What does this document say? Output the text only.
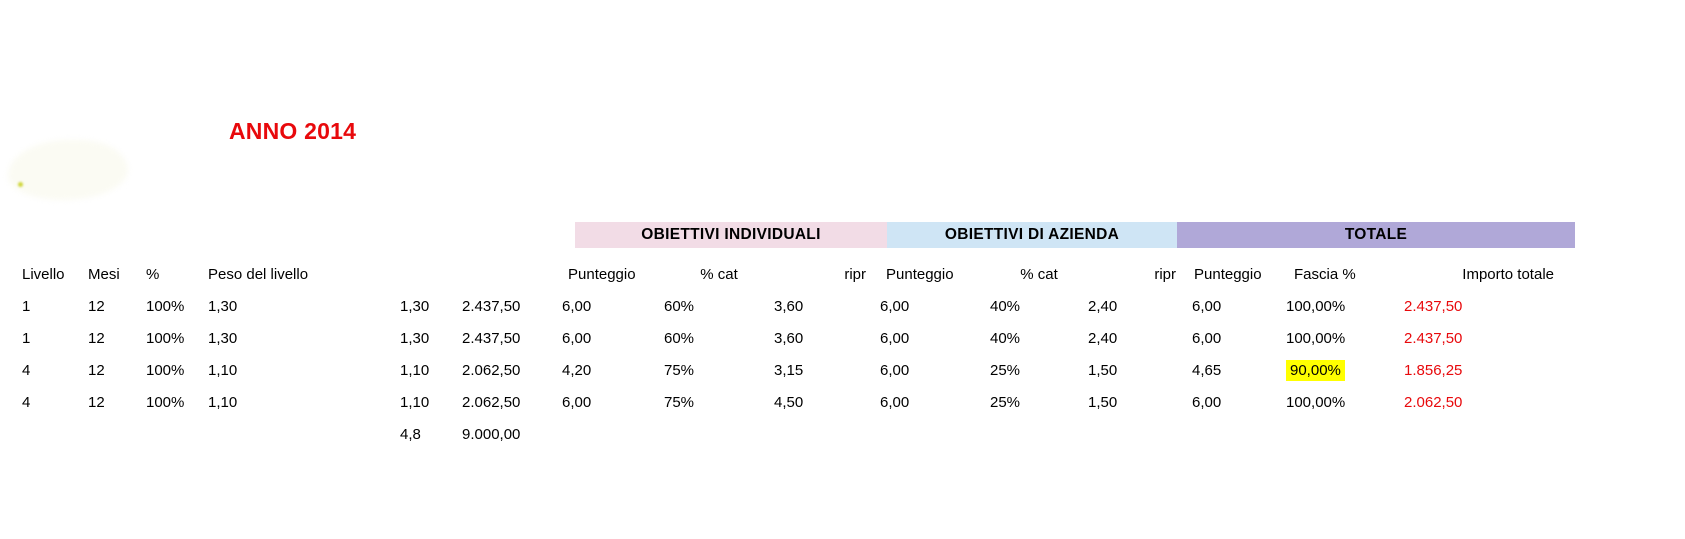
ANNO 2014
OBIETTIVI INDIVIDUALI	OBIETTIVI DI AZIENDA	TOTALE
Livello	Mesi	%	Peso del livello			Punteggio	% cat	ripr	Punteggio	% cat	ripr	Punteggio	Fascia %	Importo totale
1	12	100%	1,30	1,30	2.437,50	6,00	60%	3,60	6,00	40%	2,40	6,00	100,00%	2.437,50
1	12	100%	1,30	1,30	2.437,50	6,00	60%	3,60	6,00	40%	2,40	6,00	100,00%	2.437,50
4	12	100%	1,10	1,10	2.062,50	4,20	75%	3,15	6,00	25%	1,50	4,65	90,00%	1.856,25
4	12	100%	1,10	1,10	2.062,50	6,00	75%	4,50	6,00	25%	1,50	6,00	100,00%	2.062,50
				4,8	9.000,00									
